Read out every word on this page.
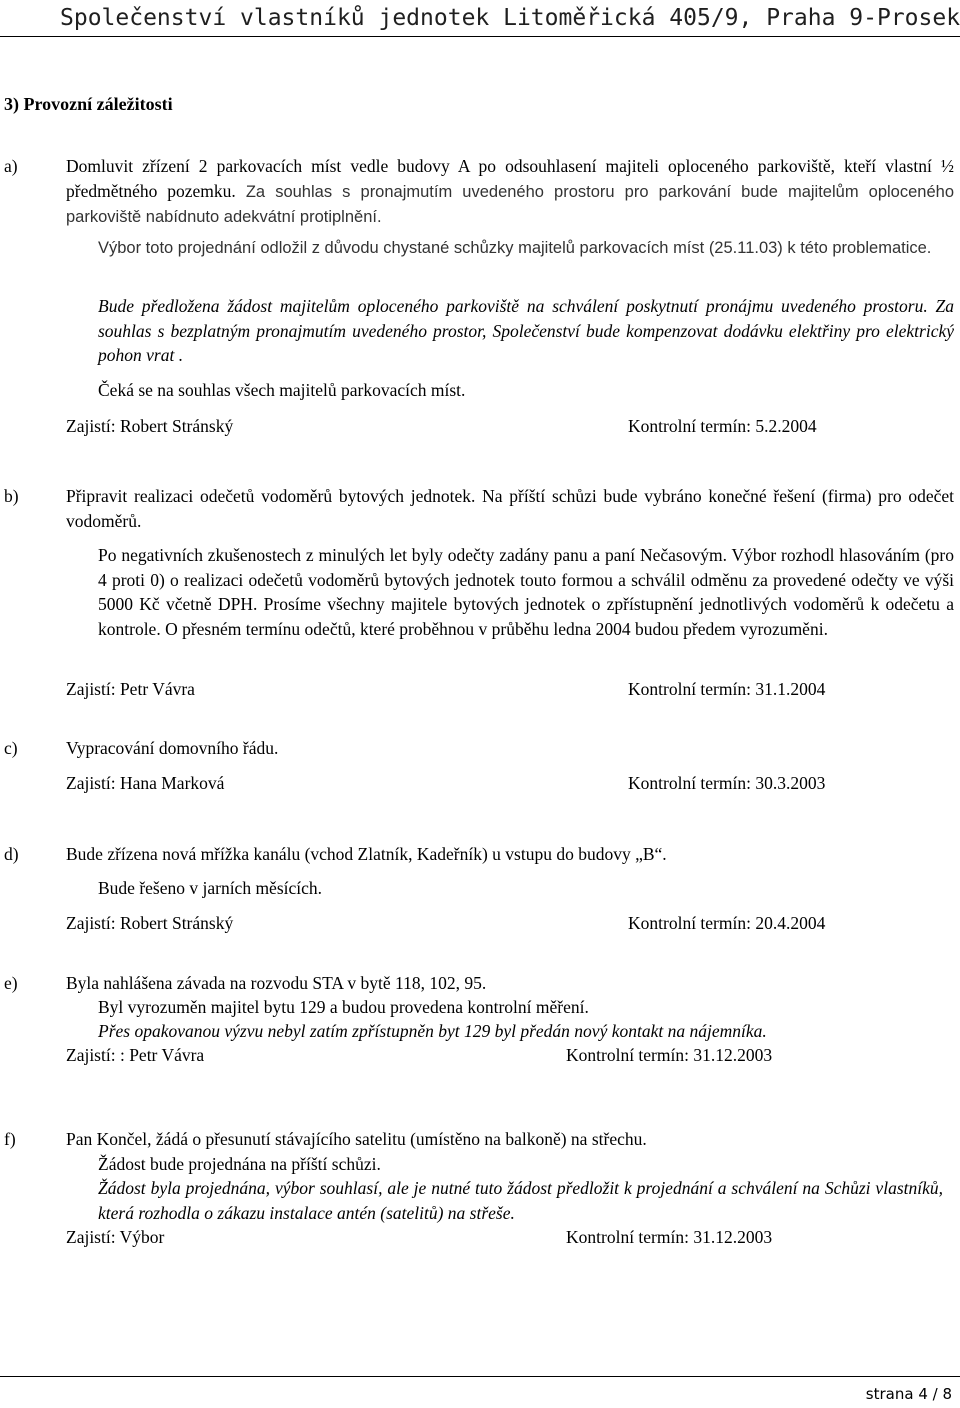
Společenství vlastníků jednotek Litoměřická 405/9, Praha 9-Prosek
3) Provozní záležitosti
a)	Domluvit zřízení 2 parkovacích míst vedle budovy A po odsouhlasení majiteli oploceného parkoviště, kteří vlastní ½ předmětného pozemku. Za souhlas s pronajmutím uvedeného prostoru pro parkování bude majitelům oploceného parkoviště nabídnuto adekvátní protiplnění.
Výbor toto projednání odložil z důvodu chystané schůzky majitelů parkovacích míst (25.11.03) k této problematice.
Bude předložena žádost majitelům oploceného parkoviště na schválení poskytnutí pronájmu uvedeného prostoru. Za souhlas s bezplatným pronajmutím uvedeného prostor, Společenství bude kompenzovat dodávku elektřiny pro elektrický pohon vrat .
Čeká se na souhlas všech majitelů parkovacích míst.
Zajistí: Robert Stránský	Kontrolní termín: 5.2.2004
b)	Připravit realizaci odečetů vodoměrů bytových jednotek. Na příští schůzi bude vybráno konečné řešení (firma) pro odečet vodoměrů.
Po negativních zkušenostech z minulých let byly odečty zadány panu a paní Nečasovým. Výbor rozhodl hlasováním (pro 4 proti 0) o realizaci odečetů vodoměrů bytových jednotek touto formou a schválil odměnu za provedené odečty ve výši 5000 Kč včetně DPH. Prosíme všechny majitele bytových jednotek o zpřístupnění jednotlivých vodoměrů k odečetu a kontrole. O přesném termínu odečtů, které proběhnou v průběhu ledna 2004 budou předem vyrozuměni.
Zajistí: Petr Vávra	Kontrolní termín: 31.1.2004
c)	Vypracování domovního řádu.
Zajistí: Hana Marková	Kontrolní termín: 30.3.2003
d)	Bude zřízena nová mřížka kanálu (vchod Zlatník, Kadeřník) u vstupu do budovy „B“.
Bude řešeno v jarních měsících.
Zajistí: Robert Stránský	Kontrolní termín: 20.4.2004
e)	Byla nahlášena závada na rozvodu STA v bytě 118, 102, 95.
Byl vyrozuměn majitel bytu 129 a budou provedena kontrolní měření.
Přes opakovanou výzvu nebyl zatím zpřístupněn byt 129 byl předán nový kontakt na nájemníka.
Zajistí: : Petr Vávra	Kontrolní termín: 31.12.2003
f)	Pan Končel, žádá o přesunutí stávajícího satelitu (umístěno na balkoně) na střechu.
Žádost bude projednána na příští schůzi.
Žádost byla projednána, výbor souhlasí, ale je nutné tuto žádost předložit k projednání a schválení na Schůzi vlastníků, která rozhodla o zákazu instalace antén (satelitů) na střeše.
Zajistí: Výbor	Kontrolní termín: 31.12.2003
strana 4 / 8
